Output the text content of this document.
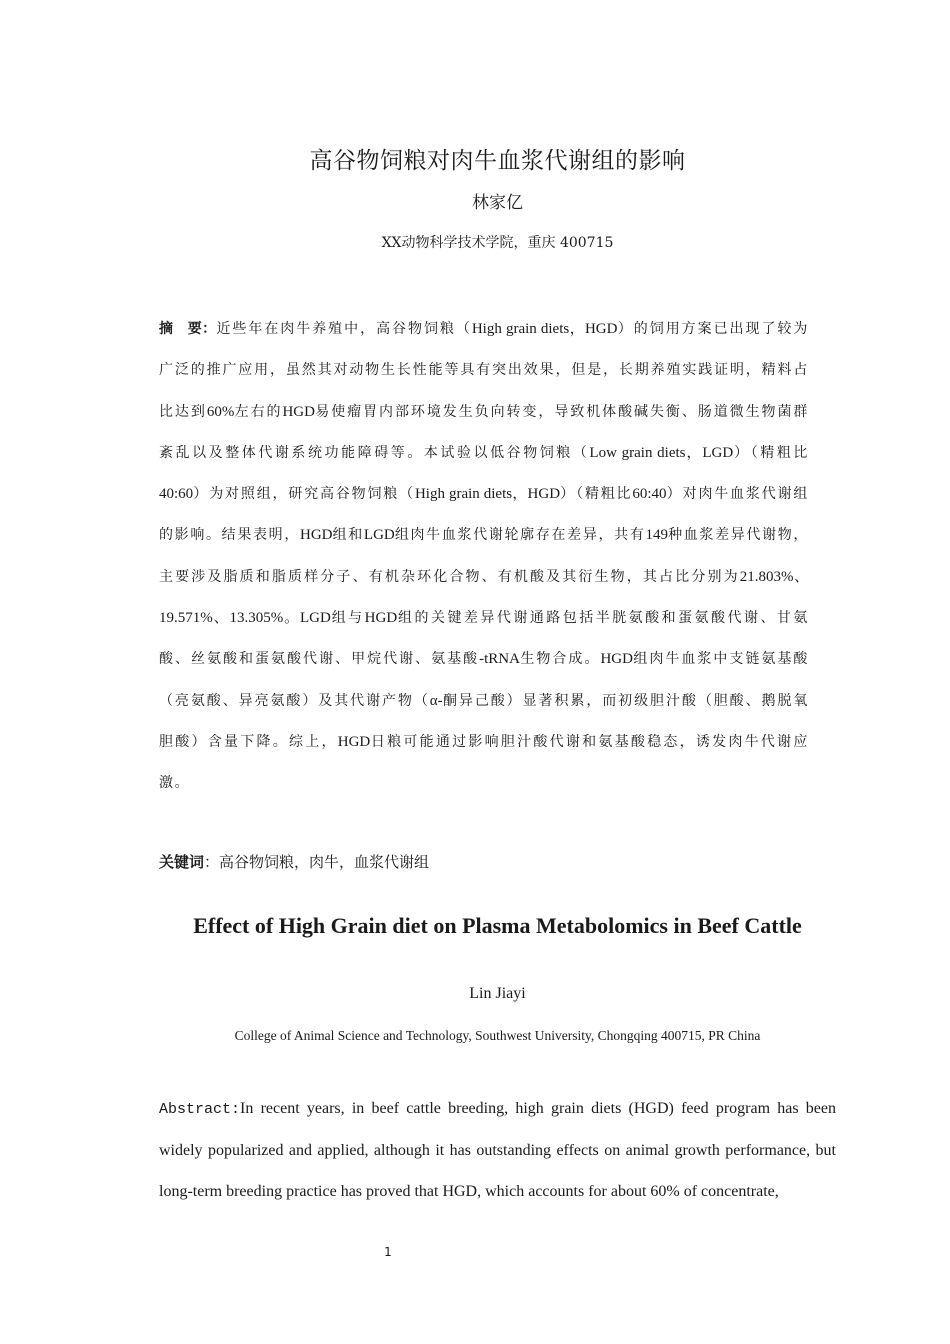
高谷物饲粮对肉牛血浆代谢组的影响
林家亿
XX动物科学技术学院，重庆 400715
摘　要：近些年在肉牛养殖中，高谷物饲粮（High grain diets，HGD）的饲用方案已出现了较为广泛的推广应用，虽然其对动物生长性能等具有突出效果，但是，长期养殖实践证明，精料占比达到60%左右的HGD易使瘤胃内部环境发生负向转变，导致机体酸碱失衡、肠道微生物菌群紊乱以及整体代谢系统功能障碍等。本试验以低谷物饲粮（Low grain diets，LGD）（精粗比40:60）为对照组，研究高谷物饲粮（High grain diets，HGD）（精粗比60:40）对肉牛血浆代谢组的影响。结果表明，HGD组和LGD组肉牛血浆代谢轮廓存在差异，共有149种血浆差异代谢物，主要涉及脂质和脂质样分子、有机杂环化合物、有机酸及其衍生物，其占比分别为21.803%、19.571%、13.305%。LGD组与HGD组的关键差异代谢通路包括半胱氨酸和蛋氨酸代谢、甘氨酸、丝氨酸和蛋氨酸代谢、甲烷代谢、氨基酸-tRNA生物合成。HGD组肉牛血浆中支链氨基酸（亮氨酸、异亮氨酸）及其代谢产物（α-酮异己酸）显著积累，而初级胆汁酸（胆酸、鹅脱氧胆酸）含量下降。综上，HGD日粮可能通过影响胆汁酸代谢和氨基酸稳态，诱发肉牛代谢应激。
关键词：高谷物饲粮，肉牛，血浆代谢组
Effect of High Grain diet on Plasma Metabolomics in Beef Cattle
Lin Jiayi
College of Animal Science and Technology, Southwest University, Chongqing 400715, PR China
Abstract:In recent years, in beef cattle breeding, high grain diets (HGD) feed program has been widely popularized and applied, although it has outstanding effects on animal growth performance, but long-term breeding practice has proved that HGD, which accounts for about 60% of concentrate,
1
